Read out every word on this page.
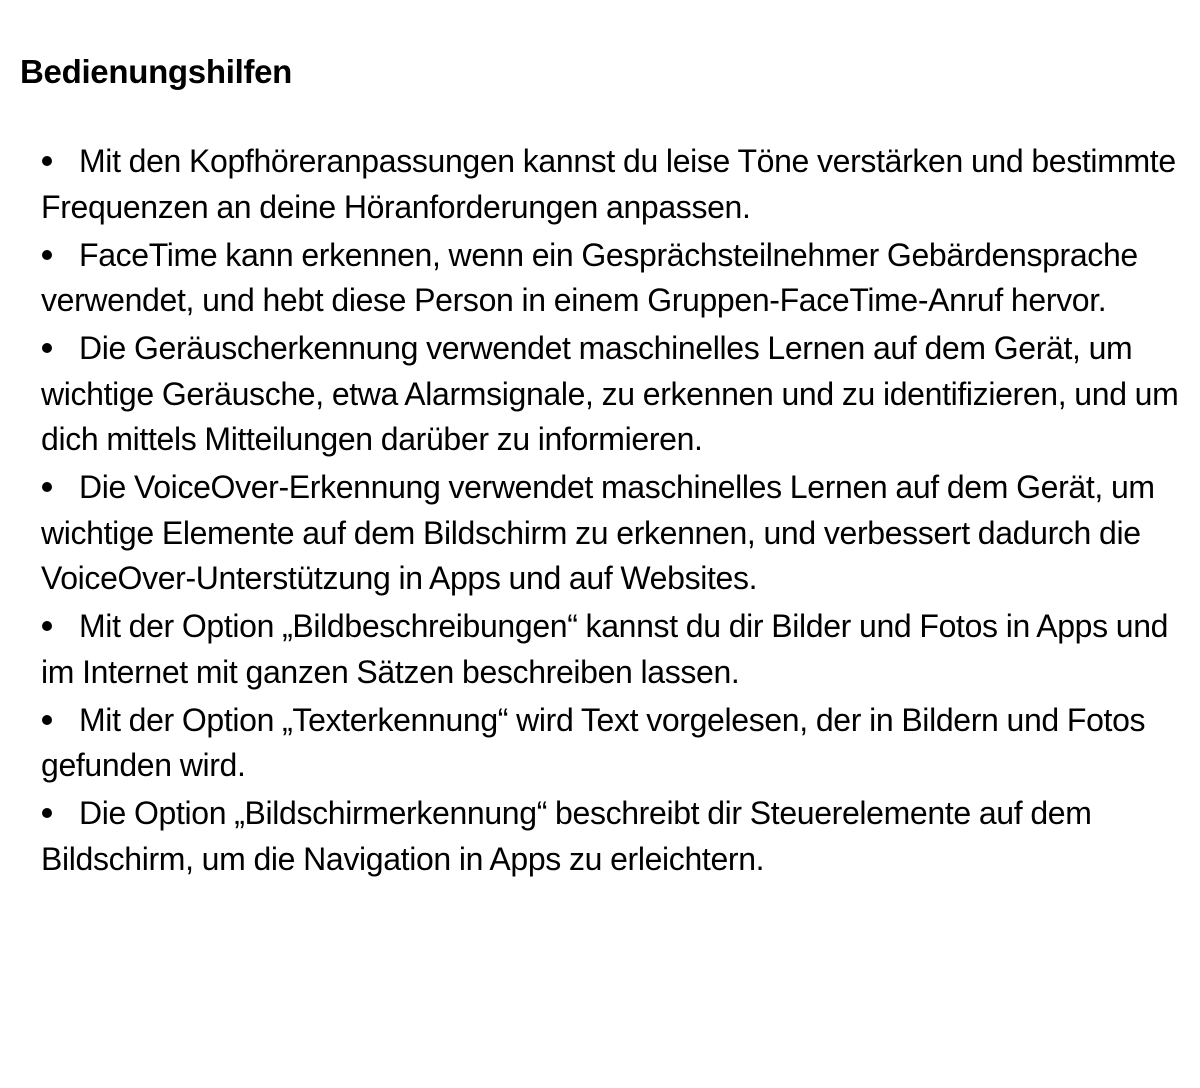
Bedienungshilfen
Mit den Kopfhöreranpassungen kannst du leise Töne verstärken und bestimmte Frequenzen an deine Höranforderungen anpassen.
FaceTime kann erkennen, wenn ein Gesprächsteilnehmer Gebärdensprache verwendet, und hebt diese Person in einem Gruppen-FaceTime-Anruf hervor.
Die Geräuscherkennung verwendet maschinelles Lernen auf dem Gerät, um wichtige Geräusche, etwa Alarmsignale, zu erkennen und zu identifizieren, und um dich mittels Mitteilungen darüber zu informieren.
Die VoiceOver-Erkennung verwendet maschinelles Lernen auf dem Gerät, um wichtige Elemente auf dem Bildschirm zu erkennen, und verbessert dadurch die VoiceOver-Unterstützung in Apps und auf Websites.
Mit der Option „Bildbeschreibungen“ kannst du dir Bilder und Fotos in Apps und im Internet mit ganzen Sätzen beschreiben lassen.
Mit der Option „Texterkennung“ wird Text vorgelesen, der in Bildern und Fotos gefunden wird.
Die Option „Bildschirmerkennung“ beschreibt dir Steuerelemente auf dem Bildschirm, um die Navigation in Apps zu erleichtern.
